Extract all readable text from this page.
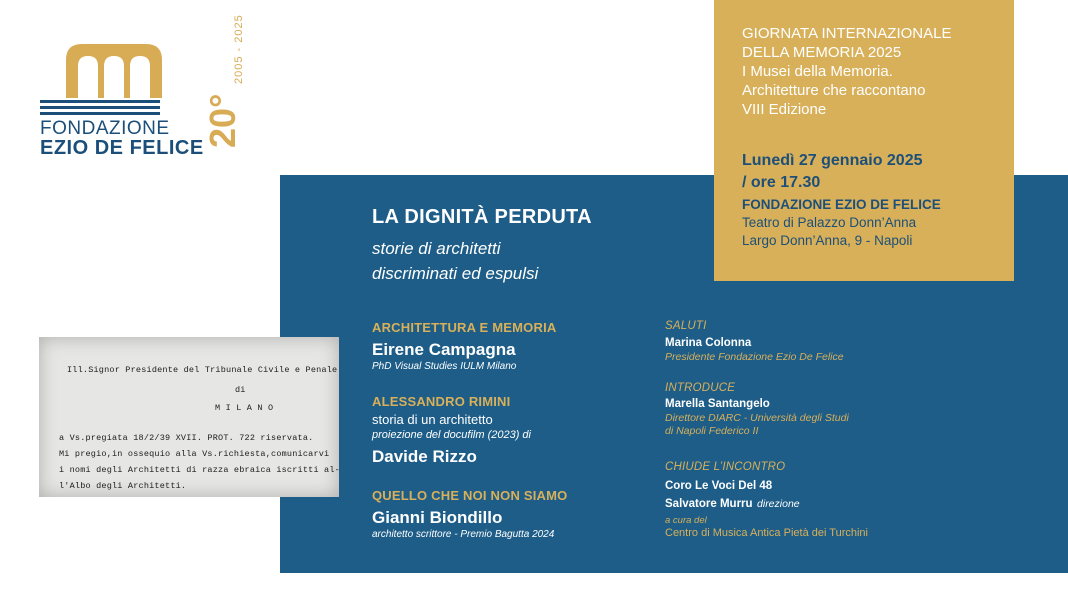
FONDAZIONE
EZIO DE FELICE
20°
2005 - 2025	GIORNATA INTERNAZIONALE
DELLA MEMORIA 2025
I Musei della Memoria.
Architetture che raccontano
VIII Edizione
Lunedì 27 gennaio 2025
/ ore 17.30
FONDAZIONE EZIO DE FELICE
Teatro di Palazzo Donn’Anna
Largo Donn’Anna, 9 - Napoli
LA DIGNITÀ PERDUTA
storie di architetti
discriminati ed espulsi
ARCHITETTURA E MEMORIA
Eirene Campagna
PhD Visual Studies IULM Milano
ALESSANDRO RIMINI
storia di un architetto
proiezione del docufilm (2023) di
Davide Rizzo
QUELLO CHE NOI NON SIAMO
Gianni Biondillo
architetto scrittore - Premio Bagutta 2024
SALUTI
Marina Colonna
Presidente Fondazione Ezio De Felice
INTRODUCE
Marella Santangelo
Direttore DIARC - Università degli Studi
di Napoli Federico II
CHIUDE L’INCONTRO
Coro Le Voci Del 48
Salvatore Murru direzione
a cura del
Centro di Musica Antica Pietà dei Turchini
Ill.Signor Presidente del Tribunale Civile e Penale
di
M I L A N O
a Vs.pregiata 18/2/39 XVII. PROT. 722 riservata.
Mi pregio,in ossequio alla Vs.richiesta,comunicarvi
i nomi degli Architetti di razza ebraica iscritti al-
l'Albo degli Architetti.
